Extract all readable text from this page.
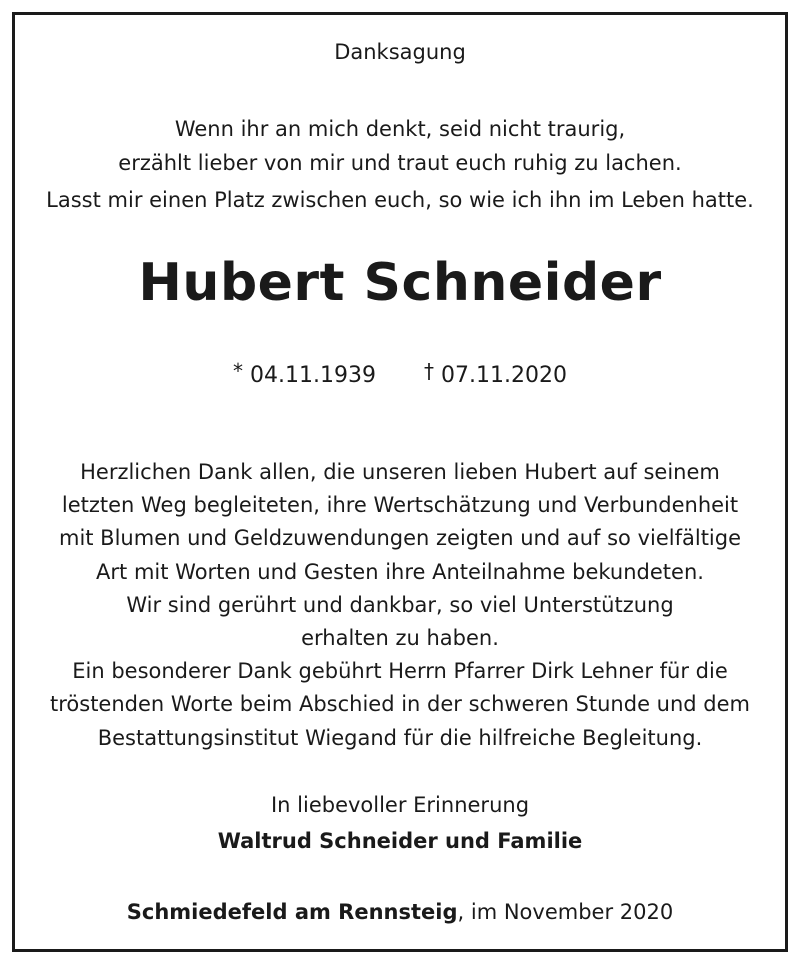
Danksagung
Wenn ihr an mich denkt, seid nicht traurig,
erzählt lieber von mir und traut euch ruhig zu lachen.
Lasst mir einen Platz zwischen euch, so wie ich ihn im Leben hatte.
Hubert Schneider
* 04.11.1939 † 07.11.2020
Herzlichen Dank allen, die unseren lieben Hubert auf seinem
letzten Weg begleiteten, ihre Wertschätzung und Verbundenheit
mit Blumen und Geldzuwendungen zeigten und auf so vielfältige
Art mit Worten und Gesten ihre Anteilnahme bekundeten.
Wir sind gerührt und dankbar, so viel Unterstützung
erhalten zu haben.
Ein besonderer Dank gebührt Herrn Pfarrer Dirk Lehner für die
tröstenden Worte beim Abschied in der schweren Stunde und dem
Bestattungsinstitut Wiegand für die hilfreiche Begleitung.
In liebevoller Erinnerung
Waltrud Schneider und Familie
Schmiedefeld am Rennsteig, im November 2020
